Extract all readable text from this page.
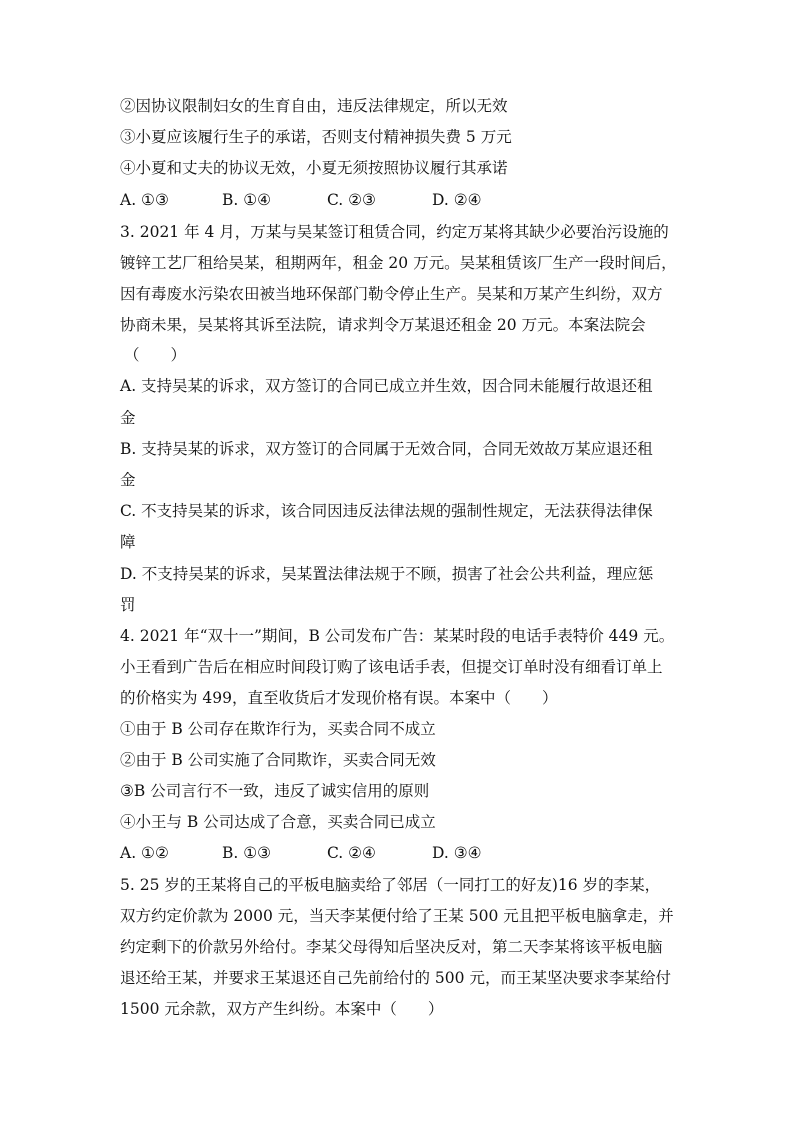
②因协议限制妇女的生育自由，违反法律规定，所以无效
③小夏应该履行生子的承诺，否则支付精神损失费 5 万元
④小夏和丈夫的协议无效，小夏无须按照协议履行其承诺
A. ①③	B. ①④	C. ②③	D. ②④
3. 2021 年 4 月，万某与吴某签订租赁合同，约定万某将其缺少必要治污设施的
镀锌工艺厂租给吴某，租期两年，租金 20 万元。吴某租赁该厂生产一段时间后，
因有毒废水污染农田被当地环保部门勒令停止生产。吴某和万某产生纠纷，双方
协商未果，吴某将其诉至法院，请求判令万某退还租金 20 万元。本案法院会
（　　）
A. 支持吴某的诉求，双方签订的合同已成立并生效，因合同未能履行故退还租
金
B. 支持吴某的诉求，双方签订的合同属于无效合同，合同无效故万某应退还租
金
C. 不支持吴某的诉求，该合同因违反法律法规的强制性规定，无法获得法律保
障
D. 不支持吴某的诉求，吴某置法律法规于不顾，损害了社会公共利益，理应惩
罚
4. 2021 年“双十一”期间，B 公司发布广告：某某时段的电话手表特价 449 元。
小王看到广告后在相应时间段订购了该电话手表，但提交订单时没有细看订单上
的价格实为 499，直至收货后才发现价格有误。本案中（　　）
①由于 B 公司存在欺诈行为，买卖合同不成立
②由于 B 公司实施了合同欺诈，买卖合同无效
③B 公司言行不一致，违反了诚实信用的原则
④小王与 B 公司达成了合意，买卖合同已成立
A. ①②	B. ①③	C. ②④	D. ③④
5. 25 岁的王某将自己的平板电脑卖给了邻居（一同打工的好友)16 岁的李某，
双方约定价款为 2000 元，当天李某便付给了王某 500 元且把平板电脑拿走，并
约定剩下的价款另外给付。李某父母得知后坚决反对，第二天李某将该平板电脑
退还给王某，并要求王某退还自己先前给付的 500 元，而王某坚决要求李某给付
1500 元余款，双方产生纠纷。本案中（　　）
